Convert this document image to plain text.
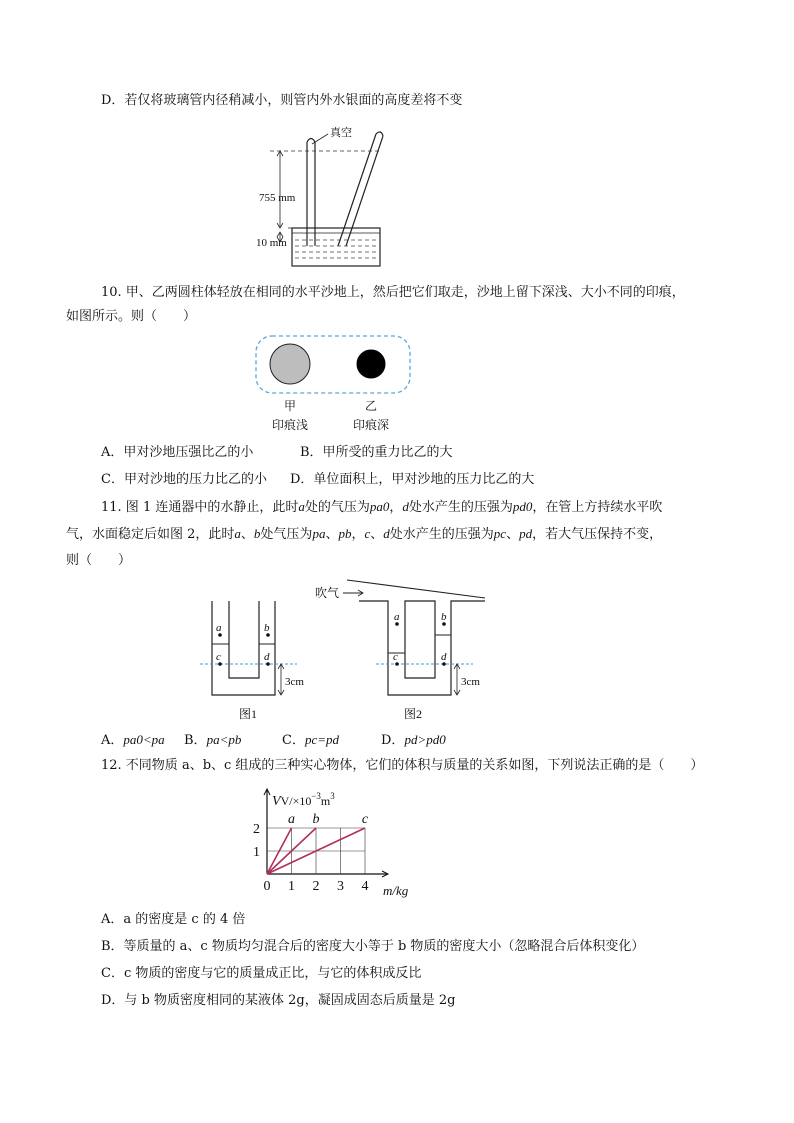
D．若仅将玻璃管内径稍减小，则管内外水银面的高度差将不变
真空
755 mm
10 mm
10. 甲、乙两圆柱体轻放在相同的水平沙地上，然后把它们取走，沙地上留下深浅、大小不同的印痕，
如图所示。则（　　）
甲
印痕浅
乙
印痕深
A．甲对沙地压强比乙的小	B．甲所受的重力比乙的大
C．甲对沙地的压力比乙的小 D．单位面积上，甲对沙地的压力比乙的大
11. 图 1 连通器中的水静止，此时a处的气压为pa0，d处水产生的压强为pd0，在管上方持续水平吹
气，水面稳定后如图 2，此时a、b处气压为pa、pb，c、d处水产生的压强为pc、pd，若大气压保持不变，
则（　　）
a	b
c	d
3cm
图1
吹气
a	b
c	d
3cm
图2
A．pa0<pa B．pa<pb	C．pc=pd	D．pd>pd0
12. 不同物质 a、b、c 组成的三种实心物体，它们的体积与质量的关系如图，下列说法正确的是（　　）
0 1 2 3 4
1
2
a b	c
$VV/\times 10^{-3}m^3$
m/kg
A．a 的密度是 c 的 4 倍
B．等质量的 a、c 物质均匀混合后的密度大小等于 b 物质的密度大小（忽略混合后体积变化）
C．c 物质的密度与它的质量成正比，与它的体积成反比
D．与 b 物质密度相同的某液体 2g，凝固成固态后质量是 2g
